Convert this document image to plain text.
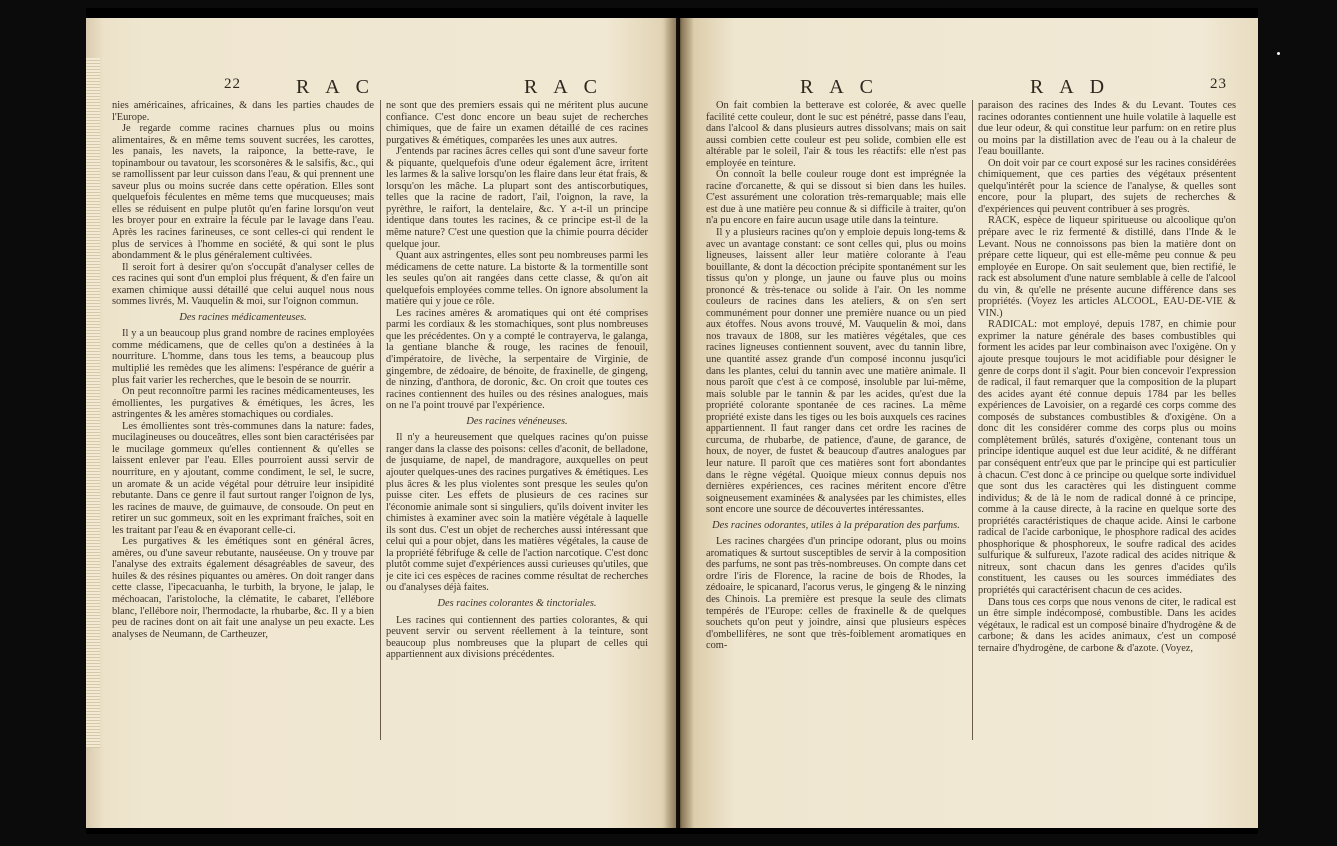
22	R A C	R A C

nies américaines, africaines, & dans les parties chaudes de l'Europe.

Je regarde comme racines charnues plus ou moins alimentaires, & en même tems souvent sucrées, les carottes, les panais, les navets, la raiponce, la bette-rave, le topinambour ou tavatour, les scorsonères & le salsifis, &c., qui se ramollissent par leur cuisson dans l'eau, & qui prennent une saveur plus ou moins sucrée dans cette opération. Elles sont quelquefois féculentes en même tems que mucqueuses; mais elles se réduisent en pulpe plutôt qu'en farine lorsqu'on veut les broyer pour en extraire la fécule par le lavage dans l'eau. Après les racines farineuses, ce sont celles-ci qui rendent le plus de services à l'homme en société, & qui sont le plus abondamment & le plus généralement cultivées.

Il seroit fort à desirer qu'on s'occupât d'analyser celles de ces racines qui sont d'un emploi plus fréquent, & d'en faire un examen chimique aussi détaillé que celui auquel nous nous sommes livrés, M. Vauquelin & moi, sur l'oignon commun.

Des racines médicamenteuses.

Il y a un beaucoup plus grand nombre de racines employées comme médicamens, que de celles qu'on a destinées à la nourriture. L'homme, dans tous les tems, a beaucoup plus multiplié les remèdes que les alimens: l'espérance de guérir a plus fait varier les recherches, que le besoin de se nourrir.

On peut reconnoître parmi les racines médicamenteuses, les émollientes, les purgatives & émétiques, les âcres, les astringentes & les amères stomachiques ou cordiales.

Les émollientes sont très-communes dans la nature: fades, mucilagineuses ou douceâtres, elles sont bien caractérisées par le mucilage gommeux qu'elles contiennent & qu'elles se laissent enlever par l'eau. Elles pourroient aussi servir de nourriture, en y ajoutant, comme condiment, le sel, le sucre, un aromate & un acide végétal pour détruire leur insipidité rebutante. Dans ce genre il faut surtout ranger l'oignon de lys, les racines de mauve, de guimauve, de consoude. On peut en retirer un suc gommeux, soit en les exprimant fraîches, soit en les traitant par l'eau & en évaporant celle-ci.

Les purgatives & les émétiques sont en général âcres, amères, ou d'une saveur rebutante, nauséeuse. On y trouve par l'analyse des extraits également désagréables de saveur, des huiles & des résines piquantes ou amères. On doit ranger dans cette classe, l'ipecacuanha, le turbith, la bryone, le jalap, le méchoacan, l'aristoloche, la clématite, le cabaret, l'ellébore blanc, l'ellébore noir, l'hermodacte, la rhubarbe, &c. Il y a bien peu de racines dont on ait fait une analyse un peu exacte. Les analyses de Neumann, de Cartheuzer,

ne sont que des premiers essais qui ne méritent plus aucune confiance. C'est donc encore un beau sujet de recherches chimiques, que de faire un examen détaillé de ces racines purgatives & émétiques, comparées les unes aux autres.

J'entends par racines âcres celles qui sont d'une saveur forte & piquante, quelquefois d'une odeur également âcre, irritent les larmes & la salive lorsqu'on les flaire dans leur état frais, & lorsqu'on les mâche. La plupart sont des antiscorbutiques, telles que la racine de radort, l'ail, l'oignon, la rave, la pyrèthre, le raifort, la dentelaire, &c. Y a-t-il un principe identique dans toutes les racines, & ce principe est-il de la même nature? C'est une question que la chimie pourra décider quelque jour.

Quant aux astringentes, elles sont peu nombreuses parmi les médicamens de cette nature. La bistorte & la tormentille sont les seules qu'on ait rangées dans cette classe, & qu'on ait quelquefois employées comme telles. On ignore absolument la matière qui y joue ce rôle.

Les racines amères & aromatiques qui ont été comprises parmi les cordiaux & les stomachiques, sont plus nombreuses que les précédentes. On y a compté le contrayerva, le galanga, la gentiane blanche & rouge, les racines de fenouil, d'impératoire, de livèche, la serpentaire de Virginie, de gingembre, de zédoaire, de bénoite, de fraxinelle, de gingeng, de ninzing, d'anthora, de doronic, &c. On croit que toutes ces racines contiennent des huiles ou des résines analogues, mais on ne l'a point trouvé par l'expérience.

Des racines vénéneuses.

Il n'y a heureusement que quelques racines qu'on puisse ranger dans la classe des poisons: celles d'aconit, de belladone, de jusquiame, de napel, de mandragore, auxquelles on peut ajouter quelques-unes des racines purgatives & émétiques. Les plus âcres & les plus violentes sont presque les seules qu'on puisse citer. Les effets de plusieurs de ces racines sur l'économie animale sont si singuliers, qu'ils doivent inviter les chimistes à examiner avec soin la matière végétale à laquelle ils sont dus. C'est un objet de recherches aussi intéressant que celui qui a pour objet, dans les matières végétales, la cause de la propriété fébrifuge & celle de l'action narcotique. C'est donc plutôt comme sujet d'expériences aussi curieuses qu'utiles, que je cite ici ces espèces de racines comme résultat de recherches ou d'analyses déjà faites.

Des racines colorantes & tinctoriales.

Les racines qui contiennent des parties colorantes, & qui peuvent servir ou servent réellement à la teinture, sont beaucoup plus nombreuses que la plupart de celles qui appartiennent aux divisions précédentes.

R A C	R A D	23

On fait combien la betterave est colorée, & avec quelle facilité cette couleur, dont le suc est pénétré, passe dans l'eau, dans l'alcool & dans plusieurs autres dissolvans; mais on sait aussi combien cette couleur est peu solide, combien elle est altérable par le soleil, l'air & tous les réactifs: elle n'est pas employée en teinture.

On connoît la belle couleur rouge dont est imprégnée la racine d'orcanette, & qui se dissout si bien dans les huiles. C'est assurément une coloration très-remarquable; mais elle est due à une matière peu connue & si difficile à traiter, qu'on n'a pu encore en faire aucun usage utile dans la teinture.

Il y a plusieurs racines qu'on y emploie depuis long-tems & avec un avantage constant: ce sont celles qui, plus ou moins ligneuses, laissent aller leur matière colorante à l'eau bouillante, & dont la décoction précipite spontanément sur les tissus qu'on y plonge, un jaune ou fauve plus ou moins prononcé & très-tenace ou solide à l'air. On les nomme couleurs de racines dans les ateliers, & on s'en sert communément pour donner une première nuance ou un pied aux étoffes. Nous avons trouvé, M. Vauquelin & moi, dans nos travaux de 1808, sur les matières végétales, que ces racines ligneuses contiennent souvent, avec du tannin libre, une quantité assez grande d'un composé inconnu jusqu'ici dans les plantes, celui du tannin avec une matière animale. Il nous paroît que c'est à ce composé, insoluble par lui-même, mais soluble par le tannin & par les acides, qu'est due la propriété colorante spontanée de ces racines. La même propriété existe dans les tiges ou les bois auxquels ces racines appartiennent. Il faut ranger dans cet ordre les racines de curcuma, de rhubarbe, de patience, d'aune, de garance, de houx, de noyer, de fustet & beaucoup d'autres analogues par leur nature. Il paroît que ces matières sont fort abondantes dans le règne végétal. Quoique mieux connus depuis nos dernières expériences, ces racines méritent encore d'être soigneusement examinées & analysées par les chimistes, elles sont encore une source de découvertes intéressantes.

Des racines odorantes, utiles à la préparation des parfums.

Les racines chargées d'un principe odorant, plus ou moins aromatiques & surtout susceptibles de servir à la composition des parfums, ne sont pas très-nombreuses. On compte dans cet ordre l'iris de Florence, la racine de bois de Rhodes, la zédoaire, le spicanard, l'acorus verus, le gingeng & le ninzing des Chinois. La première est presque la seule des climats tempérés de l'Europe: celles de fraxinelle & de quelques souchets qu'on peut y joindre, ainsi que plusieurs espèces d'ombellifères, ne sont que très-foiblement aromatiques en com-

paraison des racines des Indes & du Levant. Toutes ces racines odorantes contiennent une huile volatile à laquelle est due leur odeur, & qui constitue leur parfum: on en retire plus ou moins par la distillation avec de l'eau ou à la chaleur de l'eau bouillante.

On doit voir par ce court exposé sur les racines considérées chimiquement, que ces parties des végétaux présentent quelqu'intérêt pour la science de l'analyse, & quelles sont encore, pour la plupart, des sujets de recherches & d'expériences qui peuvent contribuer à ses progrès.

RACK, espèce de liqueur spiritueuse ou alcoolique qu'on prépare avec le riz fermenté & distillé, dans l'Inde & le Levant. Nous ne connoissons pas bien la matière dont on prépare cette liqueur, qui est elle-même peu connue & peu employée en Europe. On sait seulement que, bien rectifié, le rack est absolument d'une nature semblable à celle de l'alcool du vin, & qu'elle ne présente aucune différence dans ses propriétés. (Voyez les articles ALCOOL, EAU-DE-VIE & VIN.)

RADICAL: mot employé, depuis 1787, en chimie pour exprimer la nature générale des bases combustibles qui forment les acides par leur combinaison avec l'oxigène. On y ajoute presque toujours le mot acidifiable pour désigner le genre de corps dont il s'agit. Pour bien concevoir l'expression de radical, il faut remarquer que la composition de la plupart des acides ayant été connue depuis 1784 par les belles expériences de Lavoisier, on a regardé ces corps comme des composés de substances combustibles & d'oxigène. On a donc dit les considérer comme des corps plus ou moins complètement brûlés, saturés d'oxigène, contenant tous un principe identique auquel est due leur acidité, & ne différant par conséquent entr'eux que par le principe qui est particulier à chacun. C'est donc à ce principe ou quelque sorte individuel que sont dus les caractères qui les distinguent comme individus; & de là le nom de radical donné à ce principe, comme à la cause directe, à la racine en quelque sorte des propriétés caractéristiques de chaque acide. Ainsi le carbone radical de l'acide carbonique, le phosphore radical des acides phosphorique & phosphoreux, le soufre radical des acides sulfurique & sulfureux, l'azote radical des acides nitrique & nitreux, sont chacun dans les genres d'acides qu'ils constituent, les causes ou les sources immédiates des propriétés qui caractérisent chacun de ces acides.

Dans tous ces corps que nous venons de citer, le radical est un être simple indécomposé, combustible. Dans les acides végétaux, le radical est un composé binaire d'hydrogène & de carbone; & dans les acides animaux, c'est un composé ternaire d'hydrogène, de carbone & d'azote. (Voyez,
